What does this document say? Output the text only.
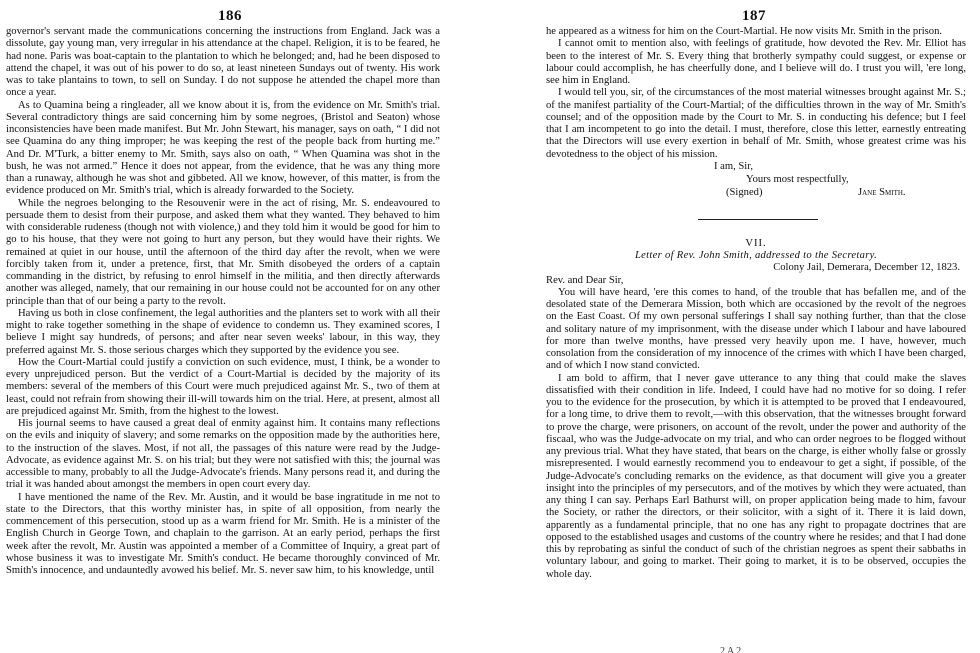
186

governor's servant made the communications concerning the instructions from England. Jack was a dissolute, gay young man, very irregular in his attendance at the chapel. Religion, it is to be feared, he had none. Paris was boat-captain to the plantation to which he belonged; and, had he been disposed to attend the chapel, it was out of his power to do so, at least nineteen Sundays out of twenty. His work was to take plantains to town, to sell on Sunday. I do not suppose he attended the chapel more than once a year.

As to Quamina being a ringleader, all we know about it is, from the evidence on Mr. Smith's trial. Several contradictory things are said concerning him by some negroes, (Bristol and Seaton) whose inconsistencies have been made manifest. But Mr. John Stewart, his manager, says on oath, “ I did not see Quamina do any thing improper; he was keeping the rest of the people back from hurting me.” And Dr. M'Turk, a bitter enemy to Mr. Smith, says also on oath, “ When Quamina was shot in the bush, he was not armed.” Hence it does not appear, from the evidence, that he was any thing more than a runaway, although he was shot and gibbeted. All we know, however, of this matter, is from the evidence produced on Mr. Smith's trial, which is already forwarded to the Society.

While the negroes belonging to the Resouvenir were in the act of rising, Mr. S. endeavoured to persuade them to desist from their purpose, and asked them what they wanted. They behaved to him with considerable rudeness (though not with violence,) and they told him it would be good for him to go to his house, that they were not going to hurt any person, but they would have their rights. We remained at quiet in our house, until the afternoon of the third day after the revolt, when we were forcibly taken from it, under a pretence, first, that Mr. Smith disobeyed the orders of a captain commanding in the district, by refusing to enrol himself in the militia, and then directly afterwards another was alleged, namely, that our remaining in our house could not be accounted for on any other principle than that of our being a party to the revolt.

Having us both in close confinement, the legal authorities and the planters set to work with all their might to rake together something in the shape of evidence to condemn us. They examined scores, I believe I might say hundreds, of persons; and after near seven weeks' labour, in this way, they preferred against Mr. S. those serious charges which they supported by the evidence you see.

How the Court-Martial could justify a conviction on such evidence, must, I think, be a wonder to every unprejudiced person. But the verdict of a Court-Martial is decided by the majority of its members: several of the members of this Court were much prejudiced against Mr. S., two of them at least, could not refrain from showing their ill-will towards him on the trial. Here, at present, almost all are prejudiced against Mr. Smith, from the highest to the lowest.

His journal seems to have caused a great deal of enmity against him. It contains many reflections on the evils and iniquity of slavery; and some remarks on the opposition made by the authorities here, to the instruction of the slaves. Most, if not all, the passages of this nature were read by the Judge-Advocate, as evidence against Mr. S. on his trial; but they were not satisfied with this; the journal was accessible to many, probably to all the Judge-Advocate's friends. Many persons read it, and during the trial it was handed about amongst the members in open court every day.

I have mentioned the name of the Rev. Mr. Austin, and it would be base ingratitude in me not to state to the Directors, that this worthy minister has, in spite of all opposition, from nearly the commencement of this persecution, stood up as a warm friend for Mr. Smith. He is a minister of the English Church in George Town, and chaplain to the garrison. At an early period, perhaps the first week after the revolt, Mr. Austin was appointed a member of a Committee of Inquiry, a great part of whose business it was to investigate Mr. Smith's conduct. He became thoroughly convinced of Mr. Smith's innocence, and undauntedly avowed his belief. Mr. S. never saw him, to his knowledge, until

187

he appeared as a witness for him on the Court-Martial. He now visits Mr. Smith in the prison.

I cannot omit to mention also, with feelings of gratitude, how devoted the Rev. Mr. Elliot has been to the interest of Mr. S. Every thing that brotherly sympathy could suggest, or expense or labour could accomplish, he has cheerfully done, and I believe will do. I trust you will, 'ere long, see him in England.

I would tell you, sir, of the circumstances of the most material witnesses brought against Mr. S.; of the manifest partiality of the Court-Martial; of the difficulties thrown in the way of Mr. Smith's counsel; and of the opposition made by the Court to Mr. S. in conducting his defence; but I feel that I am incompetent to go into the detail. I must, therefore, close this letter, earnestly entreating that the Directors will use every exertion in behalf of Mr. Smith, whose greatest crime was his devotedness to the object of his mission.

I am, Sir,
Yours most respectfully,
(Signed)	Jane Smith.

VII.

Letter of Rev. John Smith, addressed to the Secretary.

Colony Jail, Demerara, December 12, 1823.

Rev. and Dear Sir,

You will have heard, 'ere this comes to hand, of the trouble that has befallen me, and of the desolated state of the Demerara Mission, both which are occasioned by the revolt of the negroes on the East Coast. Of my own personal sufferings I shall say nothing further, than that the close and solitary nature of my imprisonment, with the disease under which I labour and have laboured for more than twelve months, have pressed very heavily upon me. I have, however, much consolation from the consideration of my innocence of the crimes with which I have been charged, and of which I now stand convicted.

I am bold to affirm, that I never gave utterance to any thing that could make the slaves dissatisfied with their condition in life. Indeed, I could have had no motive for so doing. I refer you to the evidence for the prosecution, by which it is attempted to be proved that I endeavoured, for a long time, to drive them to revolt,—with this observation, that the witnesses brought forward to prove the charge, were prisoners, on account of the revolt, under the power and authority of the fiscaal, who was the Judge-advocate on my trial, and who can order negroes to be flogged without any previous trial. What they have stated, that bears on the charge, is either wholly false or grossly misrepresented. I would earnestly recommend you to endeavour to get a sight, if possible, of the Judge-Advocate's concluding remarks on the evidence, as that document will give you a greater insight into the principles of my persecutors, and of the motives by which they were actuated, than any thing I can say. Perhaps Earl Bathurst will, on proper application being made to him, favour the Society, or rather the directors, or their solicitor, with a sight of it. There it is laid down, apparently as a fundamental principle, that no one has any right to propagate doctrines that are opposed to the established usages and customs of the country where he resides; and that I had done this by reprobating as sinful the conduct of such of the christian negroes as spent their sabbaths in voluntary labour, and going to market. Their going to market, it is to be observed, occupies the whole day.

2 A 2
